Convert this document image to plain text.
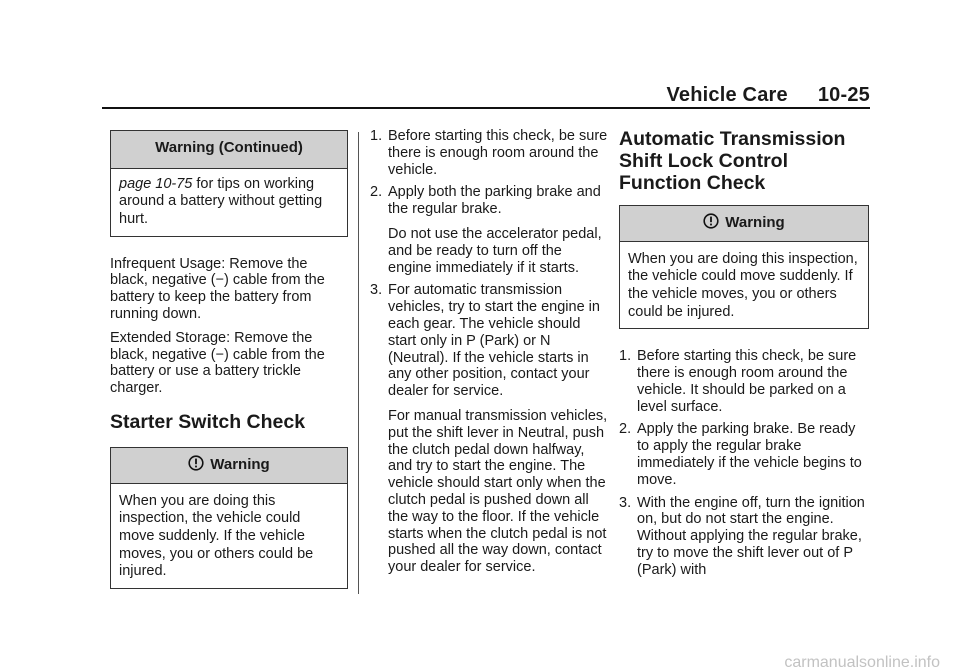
Vehicle Care 10-25
Warning (Continued)

page 10-75 for tips on working around a battery without getting hurt.

Infrequent Usage: Remove the black, negative (−) cable from the battery to keep the battery from running down.

Extended Storage: Remove the black, negative (−) cable from the battery or use a battery trickle charger.

Starter Switch Check
Warning

When you are doing this inspection, the vehicle could move suddenly. If the vehicle moves, you or others could be injured.

1. Before starting this check, be sure there is enough room around the vehicle.
2. Apply both the parking brake and the regular brake.

Do not use the accelerator pedal, and be ready to turn off the engine immediately if it starts.

3. For automatic transmission vehicles, try to start the engine in each gear. The vehicle should start only in P (Park) or N (Neutral). If the vehicle starts in any other position, contact your dealer for service.

For manual transmission vehicles, put the shift lever in Neutral, push the clutch pedal down halfway, and try to start the engine. The vehicle should start only when the clutch pedal is pushed down all the way to the floor. If the vehicle starts when the clutch pedal is not pushed all the way down, contact your dealer for service.

Automatic Transmission Shift Lock Control Function Check
Warning

When you are doing this inspection, the vehicle could move suddenly. If the vehicle moves, you or others could be injured.

1. Before starting this check, be sure there is enough room around the vehicle. It should be parked on a level surface.
2. Apply the parking brake. Be ready to apply the regular brake immediately if the vehicle begins to move.
3. With the engine off, turn the ignition on, but do not start the engine. Without applying the regular brake, try to move the shift lever out of P (Park) with
carmanualsonline.info
